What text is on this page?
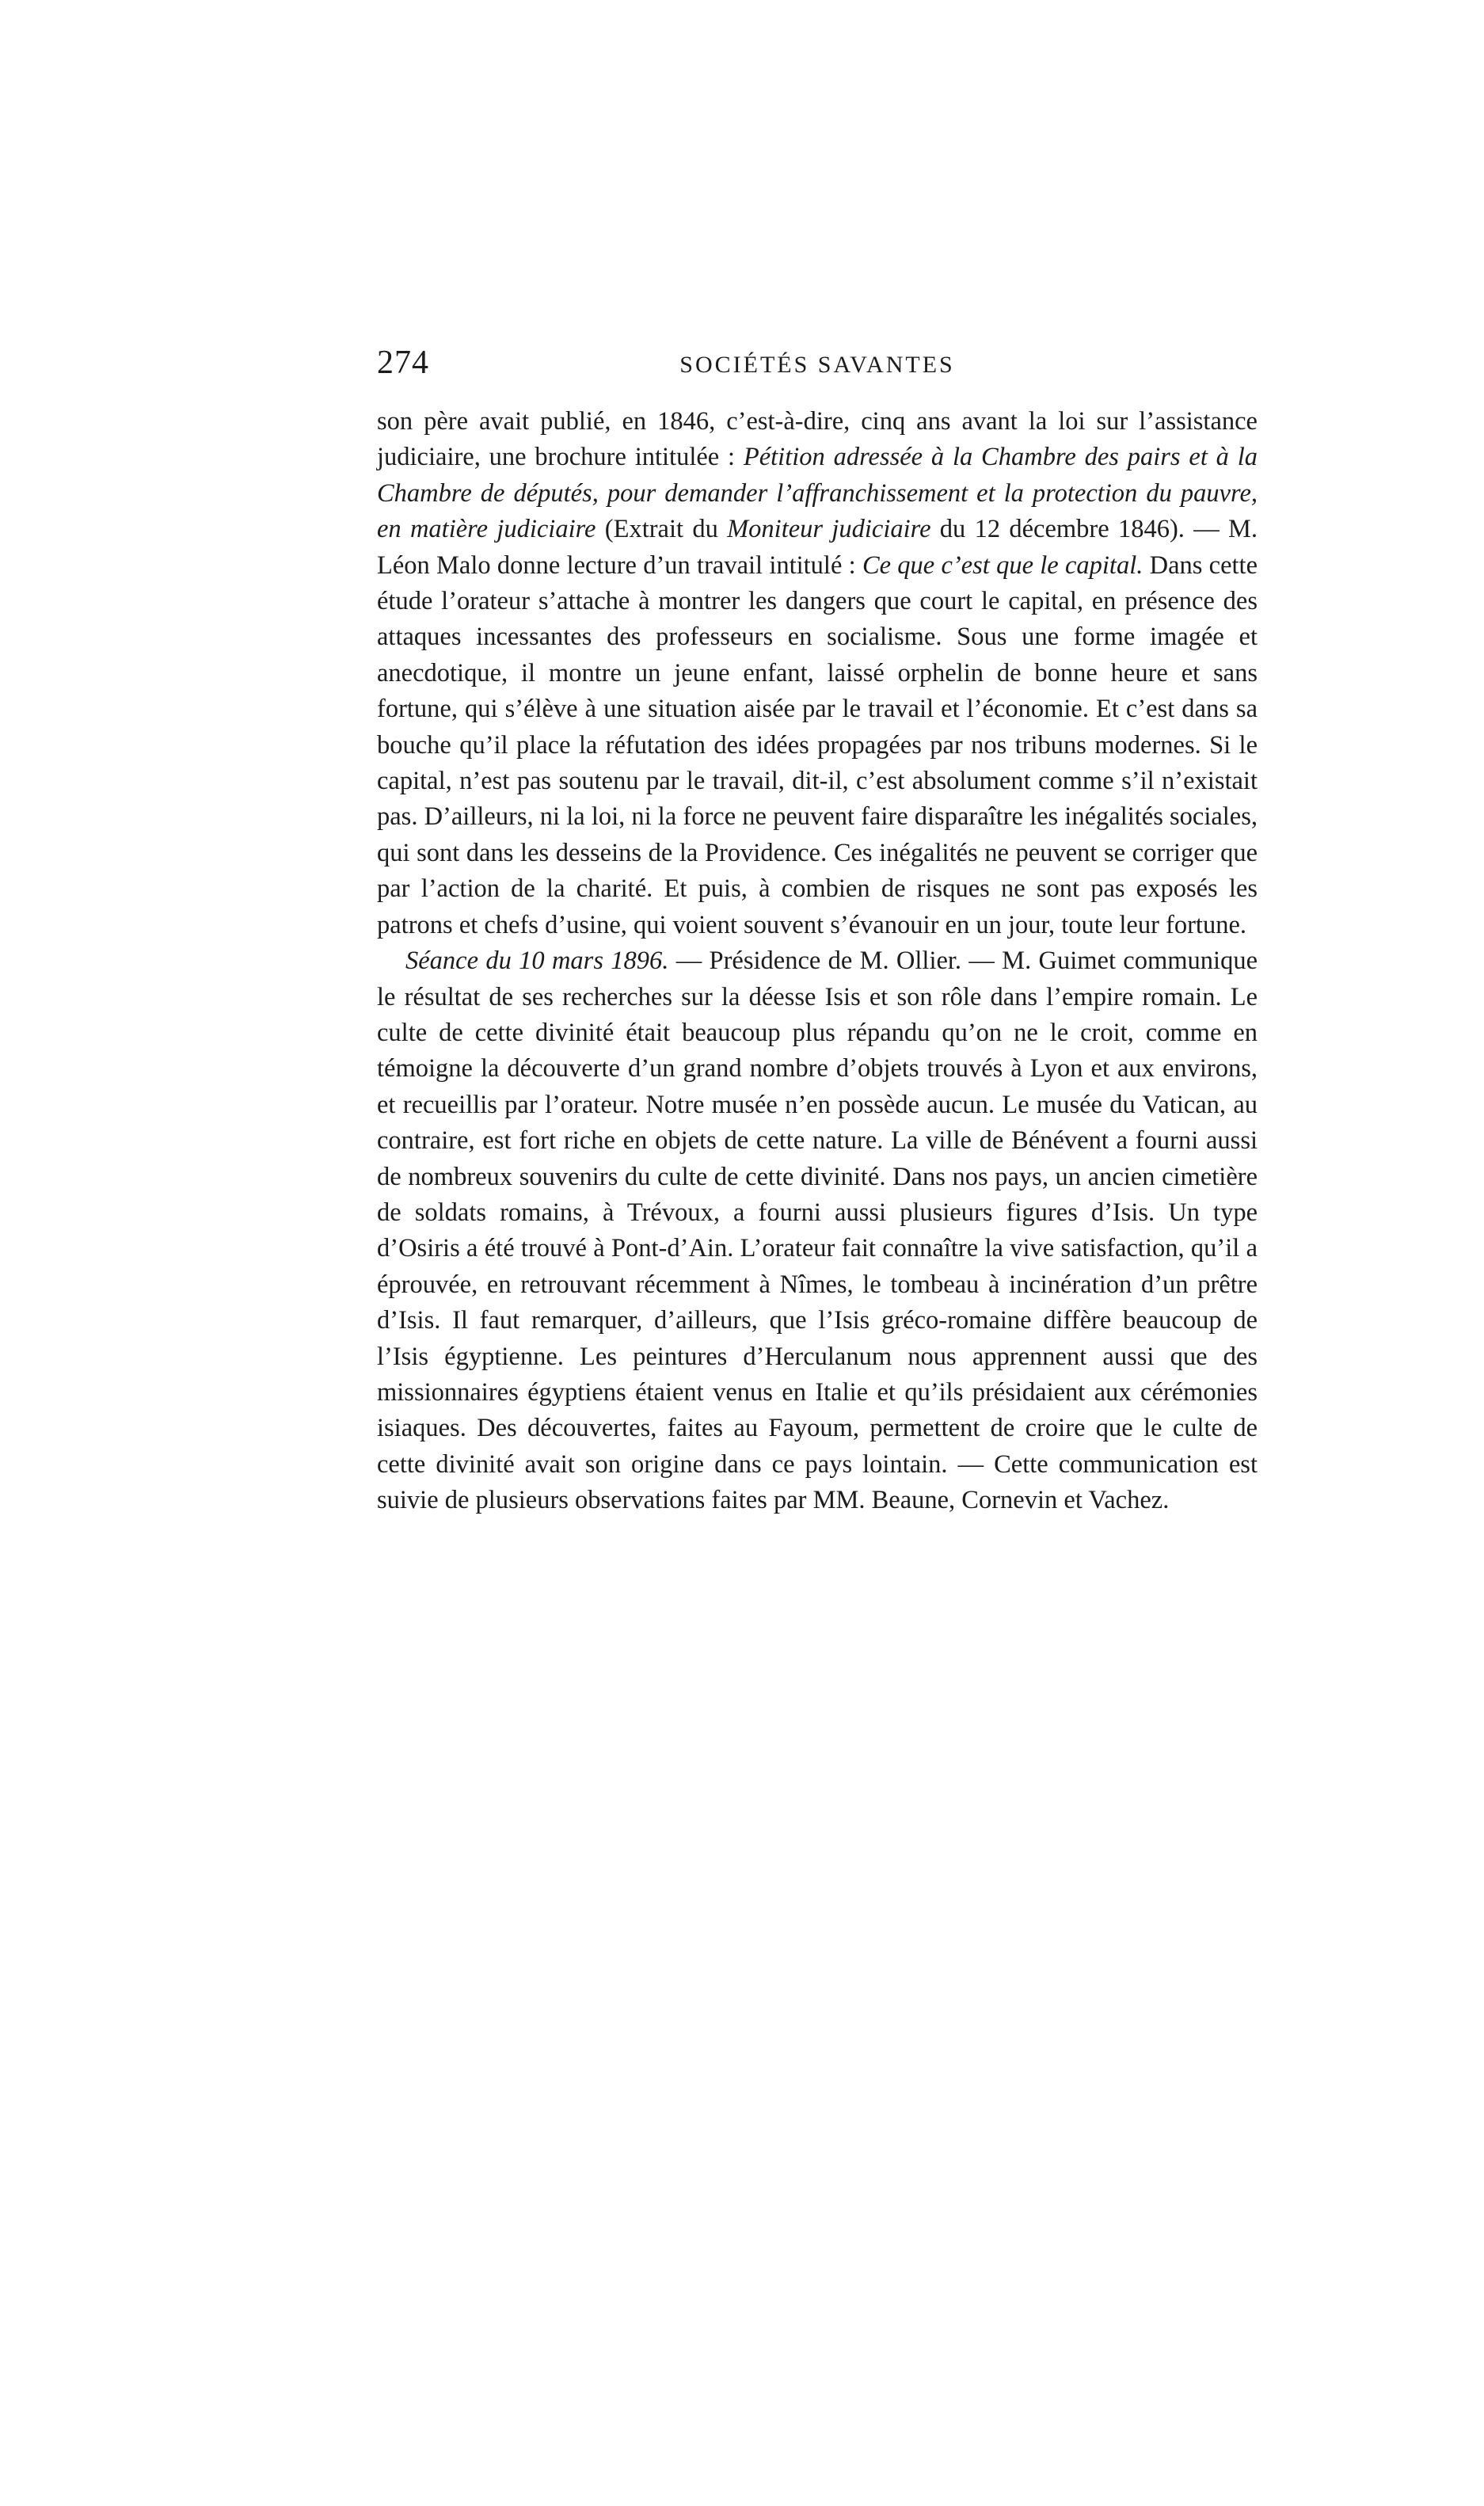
274	SOCIÉTÉS SAVANTES

son père avait publié, en 1846, c’est-à-dire, cinq ans avant la loi sur l’assistance judiciaire, une brochure intitulée : Pétition adressée à la Chambre des pairs et à la Chambre de députés, pour demander l’affranchissement et la protection du pauvre, en matière judiciaire (Extrait du Moniteur judiciaire du 12 décembre 1846). — M. Léon Malo donne lecture d’un travail intitulé : Ce que c’est que le capital. Dans cette étude l’orateur s’attache à montrer les dangers que court le capital, en présence des attaques incessantes des professeurs en socialisme. Sous une forme imagée et anecdotique, il montre un jeune enfant, laissé orphelin de bonne heure et sans fortune, qui s’élève à une situation aisée par le travail et l’économie. Et c’est dans sa bouche qu’il place la réfutation des idées propagées par nos tribuns modernes. Si le capital, n’est pas soutenu par le travail, dit-il, c’est absolument comme s’il n’existait pas. D’ailleurs, ni la loi, ni la force ne peuvent faire disparaître les inégalités sociales, qui sont dans les desseins de la Providence. Ces inégalités ne peuvent se corriger que par l’action de la charité. Et puis, à combien de risques ne sont pas exposés les patrons et chefs d’usine, qui voient souvent s’évanouir en un jour, toute leur fortune.

Séance du 10 mars 1896. — Présidence de M. Ollier. — M. Guimet communique le résultat de ses recherches sur la déesse Isis et son rôle dans l’empire romain. Le culte de cette divinité était beaucoup plus répandu qu’on ne le croit, comme en témoigne la découverte d’un grand nombre d’objets trouvés à Lyon et aux environs, et recueillis par l’orateur. Notre musée n’en possède aucun. Le musée du Vatican, au contraire, est fort riche en objets de cette nature. La ville de Bénévent a fourni aussi de nombreux souvenirs du culte de cette divinité. Dans nos pays, un ancien cimetière de soldats romains, à Trévoux, a fourni aussi plusieurs figures d’Isis. Un type d’Osiris a été trouvé à Pont-d’Ain. L’orateur fait connaître la vive satisfaction, qu’il a éprouvée, en retrouvant récemment à Nîmes, le tombeau à incinération d’un prêtre d’Isis. Il faut remarquer, d’ailleurs, que l’Isis gréco-romaine diffère beaucoup de l’Isis égyptienne. Les peintures d’Herculanum nous apprennent aussi que des missionnaires égyptiens étaient venus en Italie et qu’ils présidaient aux cérémonies isiaques. Des découvertes, faites au Fayoum, permettent de croire que le culte de cette divinité avait son origine dans ce pays lointain. — Cette communication est suivie de plusieurs observations faites par MM. Beaune, Cornevin et Vachez.
